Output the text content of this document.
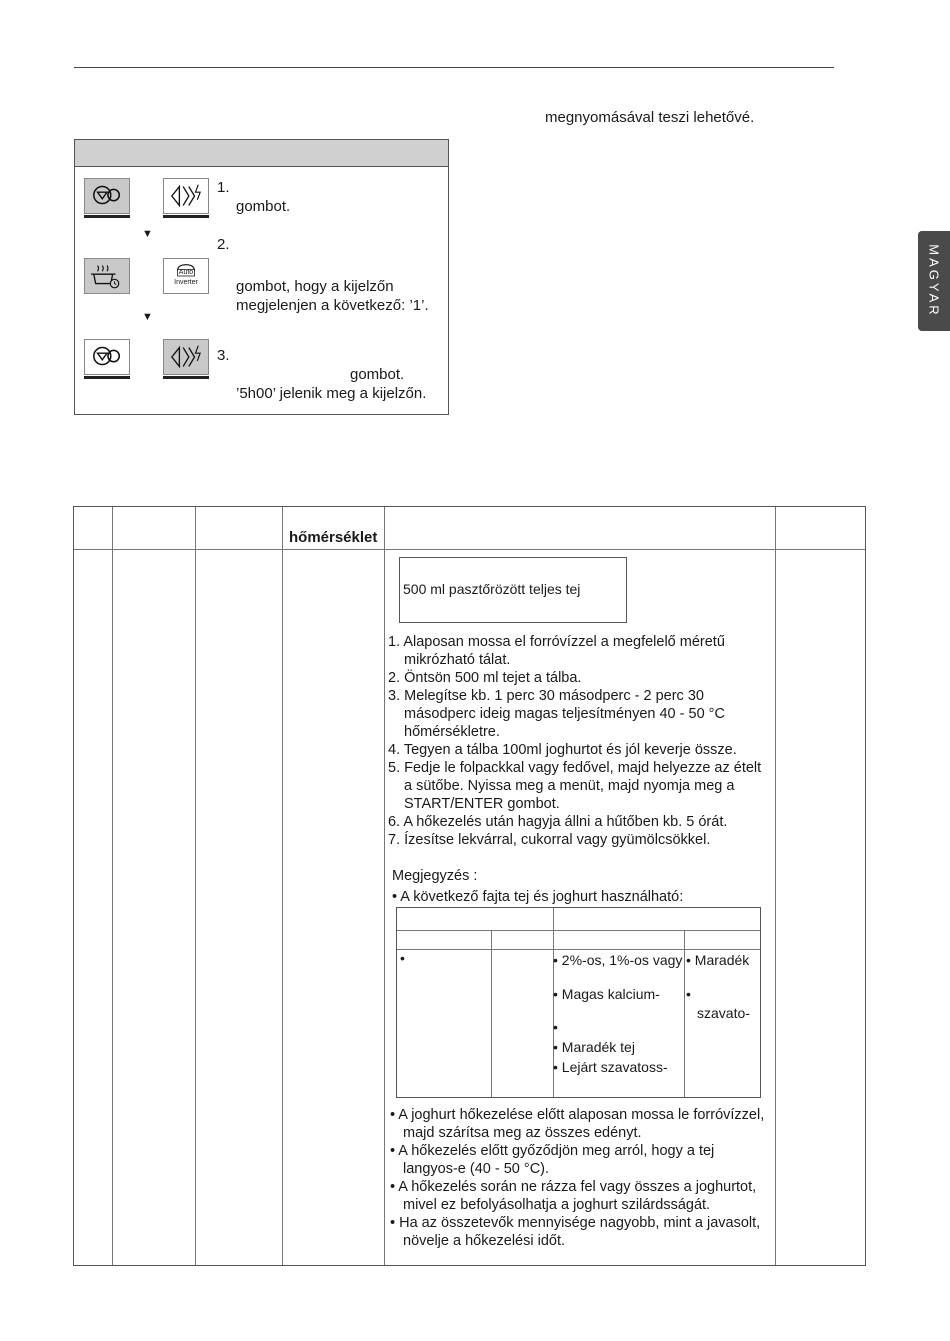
megnyomásával teszi lehetővé.
MAGYAR
1.
gombot.
▼
Auto
Inverter
2.
gombot, hogy a kijelzőn
megjelenjen a következő: ’1’.
▼
3.
gombot.
’5h00’ jelenik meg a kijelzőn.
hőmérséklet
500 ml pasztőrözött teljes tej

1. Alaposan mossa el forróvízzel a megfelelő méretű

mikrózható tálat.

2. Öntsön 500 ml tejet a tálba.

3. Melegítse kb. 1 perc 30 másodperc - 2 perc 30

másodperc ideig magas teljesítményen 40 - 50 °C

hőmérsékletre.

4. Tegyen a tálba 100ml joghurtot és jól keverje össze.

5. Fedje le folpackkal vagy fedővel, majd helyezze az ételt

a sütőbe. Nyissa meg a menüt, majd nyomja meg a

START/ENTER gombot.

6. A hőkezelés után hagyja állni a hűtőben kb. 5 órát.

7. Ízesítse lekvárral, cukorral vagy gyümölcsökkel.

Megjegyzés :
• A következő fajta tej és joghurt használható:
•	• 2%-os, 1%-os vagy
• Magas kalcium-
•
• Maradék tej
• Lejárt szavatoss-
• Maradék
•
szavato-

• A joghurt hőkezelése előtt alaposan mossa le forróvízzel,

majd szárítsa meg az összes edényt.

• A hőkezelés előtt győződjön meg arról, hogy a tej

langyos-e (40 - 50 °C).

• A hőkezelés során ne rázza fel vagy összes a joghurtot,

mivel ez befolyásolhatja a joghurt szilárdsságát.

• Ha az összetevők mennyisége nagyobb, mint a javasolt,

növelje a hőkezelési időt.
